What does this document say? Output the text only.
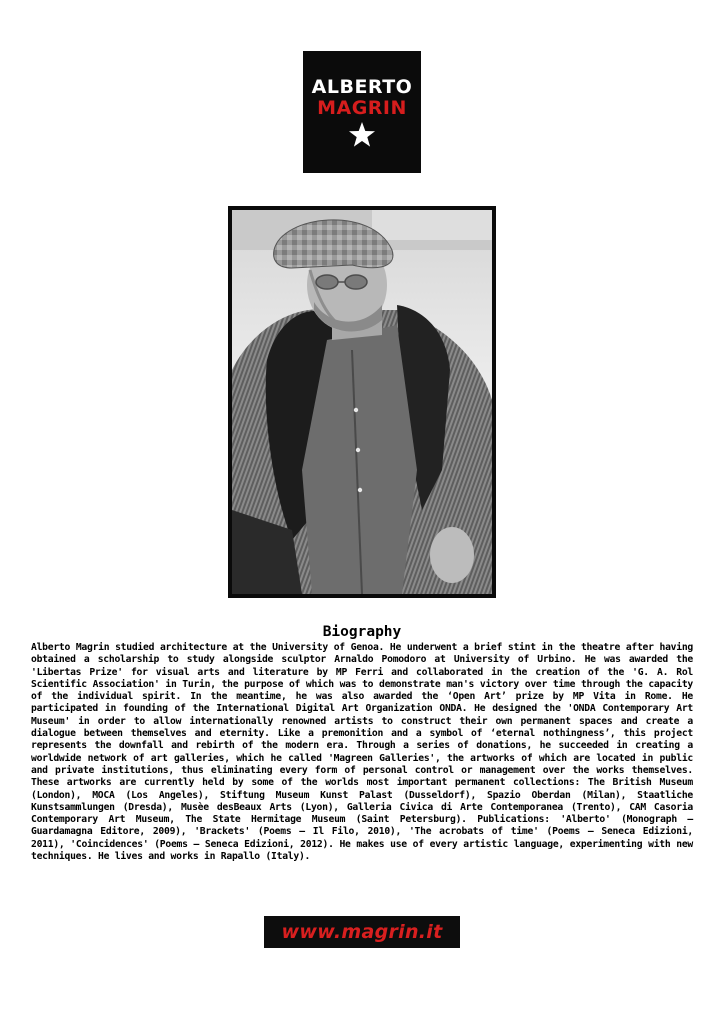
ALBERTO
MAGRIN
Biography

Alberto Magrin studied architecture at the University of Genoa. He underwent a brief stint in the theatre after having obtained a scholarship to study alongside sculptor Arnaldo Pomodoro at University of Urbino. He was awarded the 'Libertas Prize' for visual arts and literature by MP Ferri and collaborated in the creation of the 'G. A. Rol Scientific Association' in Turin, the purpose of which was to demonstrate man's victory over time through the capacity of the individual spirit. In the meantime, he was also awarded the ‘Open Art’ prize by MP Vita in Rome. He participated in founding of the International Digital Art Organization ONDA. He designed the 'ONDA Contemporary Art Museum' in order to allow internationally renowned artists to construct their own permanent spaces and create a dialogue between themselves and eternity. Like a premonition and a symbol of ‘eternal nothingness’, this project represents the downfall and rebirth of the modern era. Through a series of donations, he succeeded in creating a worldwide network of art galleries, which he called 'Magreen Galleries', the artworks of which are located in public and private institutions, thus eliminating every form of personal control or management over the works themselves. These artworks are currently held by some of the worlds most important permanent collections: The British Museum (London), MOCA (Los Angeles), Stiftung Museum Kunst Palast (Dusseldorf), Spazio Oberdan (Milan), Staatliche Kunstsammlungen (Dresda), Musèe desBeaux Arts (Lyon), Galleria Civica di Arte Contemporanea (Trento), CAM Casoria Contemporary Art Museum, The State Hermitage Museum (Saint Petersburg). Publications: 'Alberto' (Monograph – Guardamagna Editore, 2009), 'Brackets' (Poems – Il Filo, 2010), 'The acrobats of time' (Poems – Seneca Edizioni, 2011), 'Coincidences' (Poems – Seneca Edizioni, 2012). He makes use of every artistic language, experimenting with new techniques. He lives and works in Rapallo (Italy).

www.magrin.it
